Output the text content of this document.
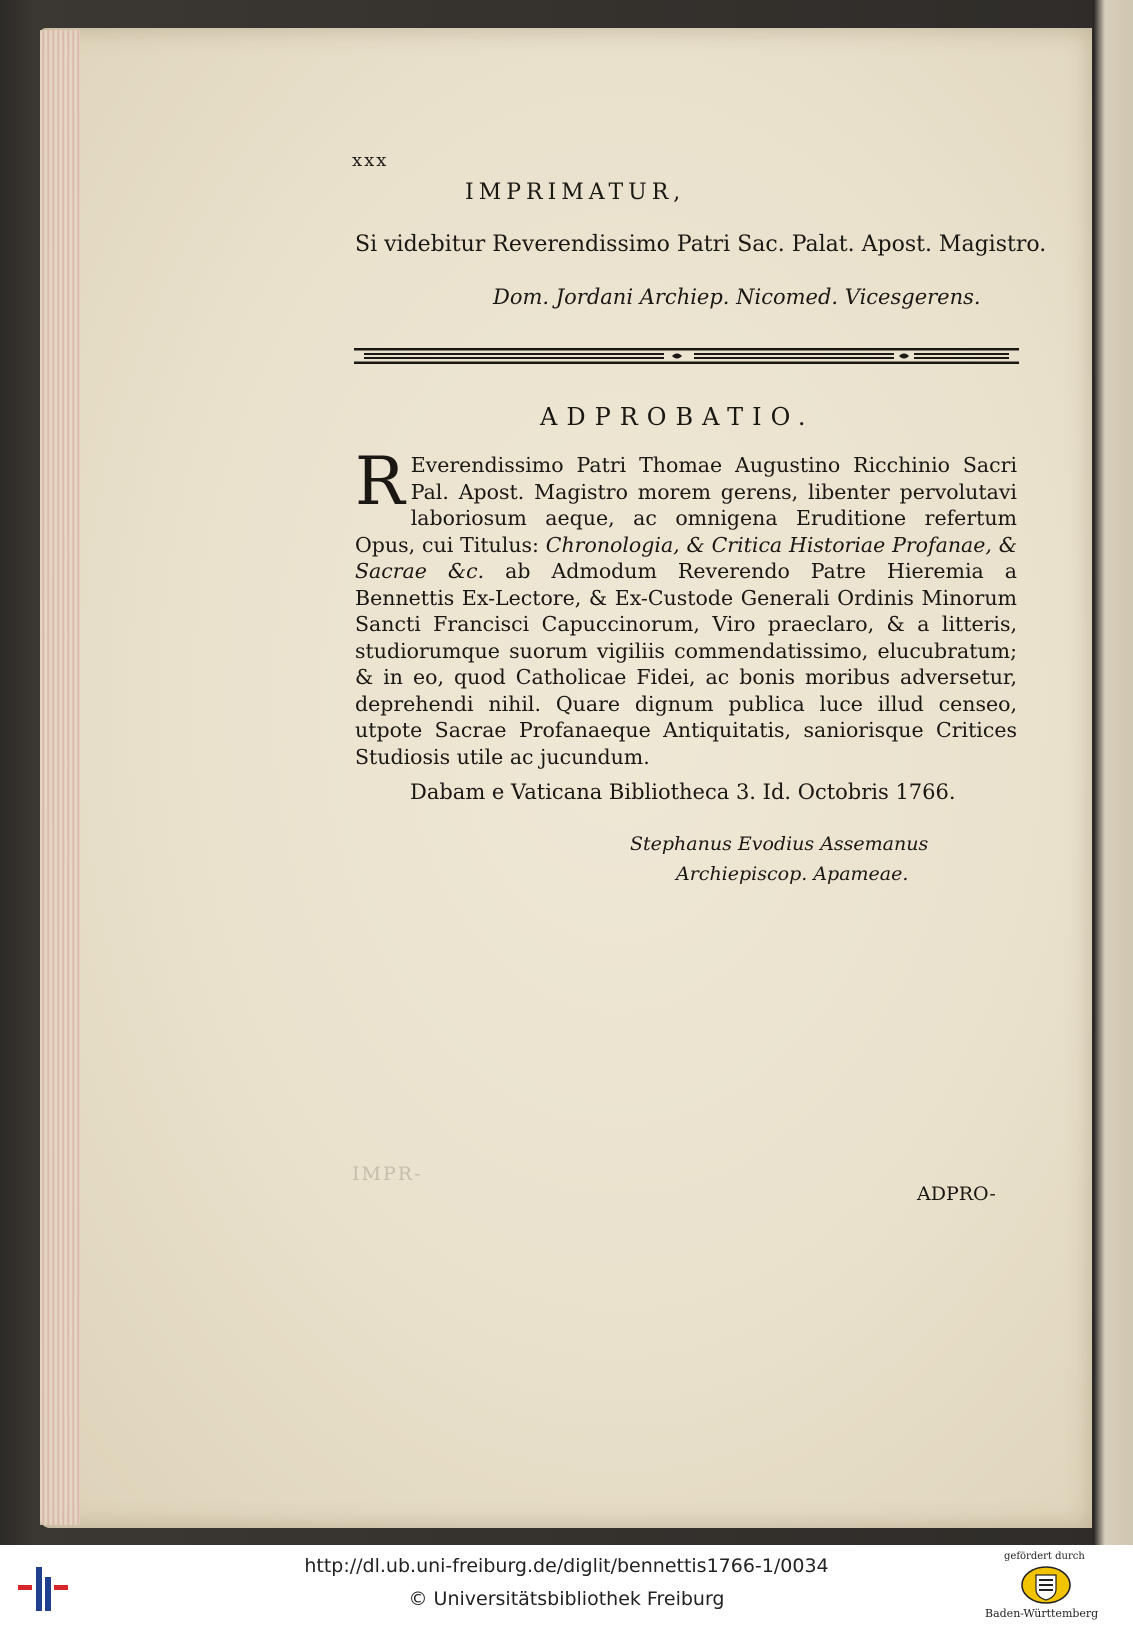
xxx
IMPRIMATUR,
Si videbitur Reverendissimo Patri Sac. Palat. Apost. Magistro.
Dom. Jordani Archiep. Nicomed. Vicesgerens.
ADPROBATIO.
R Everendissimo Patri Thomae Augustino Ricchinio Sacri Pal. Apost. Magistro morem gerens, libenter pervolutavi laboriosum aeque, ac omnigena Eruditione refertum Opus, cui Titulus: Chronologia, & Critica Historiae Profanae, & Sacrae &c. ab Admodum Reverendo Patre Hieremia a Bennettis Ex-Lectore, & Ex-Custode Generali Ordinis Minorum Sancti Francisci Capuccinorum, Viro praeclaro, & a litteris, studiorumque suorum vigiliis commendatissimo, elucubratum; & in eo, quod Catholicae Fidei, ac bonis moribus adversetur, deprehendi nihil. Quare dignum publica luce illud censeo, utpote Sacrae Profanaeque Antiquitatis, saniorisque Critices Studiosis utile ac jucundum.
Dabam e Vaticana Bibliotheca 3. Id. Octobris 1766.
Stephanus Evodius Assemanus
Archiepiscop. Apameae.
IMPR-
ADPRO-
http://dl.ub.uni-freiburg.de/diglit/bennettis1766-1/0034
© Universitätsbibliothek Freiburg
gefördert durch
Baden-Württemberg
